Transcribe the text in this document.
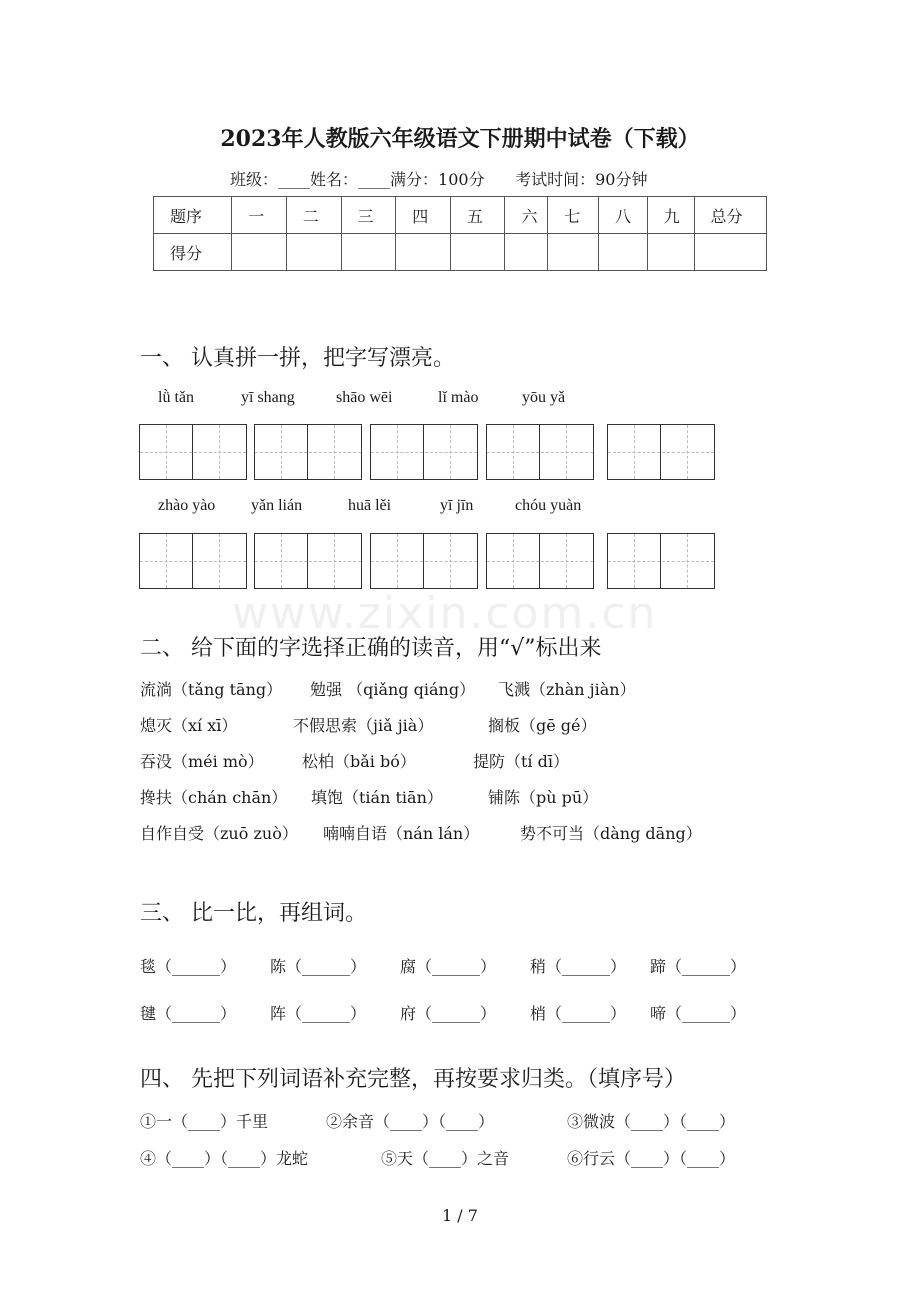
2023年人教版六年级语文下册期中试卷（下载）
班级：____姓名：____满分：100分 考试时间：90分钟
题序	一	二	三	四	五	六	七	八	九	总分
得分										
一、 认真拼一拼，把字写漂亮。
lǜ tǎn	yī shang	shāo wēi	lǐ mào	yōu yǎ
zhào yào yǎn lián	huā lěi	yī jīn	chóu yuàn
www.zixin.com.cn
二、 给下面的字选择正确的读音，用“√”标出来
流淌（tǎng tāng） 勉强 （qiǎng qiáng） 飞溅（zhàn jiàn）
熄灭（xí xī）	不假思索（jiǎ jià）	搁板（gē gé）
吞没（méi mò） 松柏（bǎi bó）	提防（tí dī）
搀扶（chán chān） 填饱（tián tiān）	铺陈（pù pū）
自作自受（zuō zuò） 喃喃自语（nán lán）	势不可当（dàng dāng）
三、 比一比，再组词。
毯（______） 陈（______） 腐（______） 稍（______） 蹄（______）
毽（______） 阵（______） 府（______） 梢（______） 啼（______）
四、 先把下列词语补充完整，再按要求归类。（填序号）
①一（____）千里	②余音（____）（____）	③微波（____）（____）
④（____）（____）龙蛇	⑤天（____）之音	⑥行云（____）（____）
1 / 7
